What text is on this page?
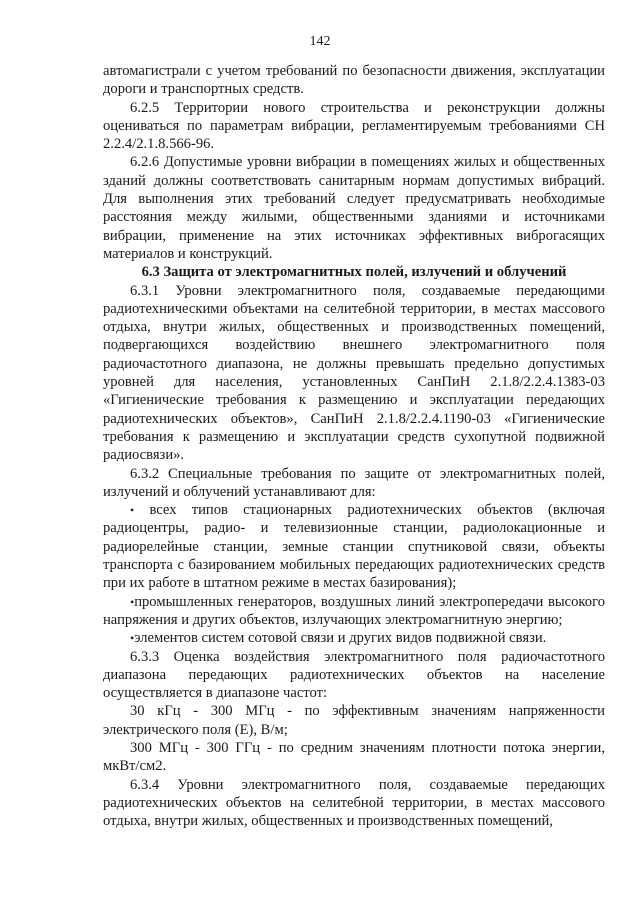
142

автомагистрали с учетом требований по безопасности движения, эксплуатации дороги и транспортных средств.

6.2.5 Территории нового строительства и реконструкции должны оцениваться по параметрам вибрации, регламентируемым требованиями СН 2.2.4/2.1.8.566-96.

6.2.6 Допустимые уровни вибрации в помещениях жилых и общественных зданий должны соответствовать санитарным нормам допустимых вибраций. Для выполнения этих требований следует предусматривать необходимые расстояния между жилыми, общественными зданиями и источниками вибрации, применение на этих источниках эффективных виброгасящих материалов и конструкций.

6.3 Защита от электромагнитных полей, излучений и облучений

6.3.1 Уровни электромагнитного поля, создаваемые передающими радиотехническими объектами на селитебной территории, в местах массового отдыха, внутри жилых, общественных и производственных помещений, подвергающихся воздействию внешнего электромагнитного поля радиочастотного диапазона, не должны превышать предельно допустимых уровней для населения, установленных СанПиН 2.1.8/2.2.4.1383-03 «Гигиенические требования к размещению и эксплуатации передающих радиотехнических объектов», СанПиН 2.1.8/2.2.4.1190-03 «Гигиенические требования к размещению и эксплуатации средств сухопутной подвижной радиосвязи».

6.3.2 Специальные требования по защите от электромагнитных полей, излучений и облучений устанавливают для:

• всех типов стационарных радиотехнических объектов (включая радиоцентры, радио- и телевизионные станции, радиолокационные и радиорелейные станции, земные станции спутниковой связи, объекты транспорта с базированием мобильных передающих радиотехнических средств при их работе в штатном режиме в местах базирования);

•промышленных генераторов, воздушных линий электропередачи высокого напряжения и других объектов, излучающих электромагнитную энергию;

•элементов систем сотовой связи и других видов подвижной связи.

6.3.3 Оценка воздействия электромагнитного поля радиочастотного диапазона передающих радиотехнических объектов на население осуществляется в диапазоне частот:

30 кГц - 300 МГц - по эффективным значениям напряженности электрического поля (Е), В/м;

300 МГц - 300 ГГц - по средним значениям плотности потока энергии, мкВт/см2.

6.3.4 Уровни электромагнитного поля, создаваемые передающих радиотехнических объектов на селитебной территории, в местах массового отдыха, внутри жилых, общественных и производственных помещений,
